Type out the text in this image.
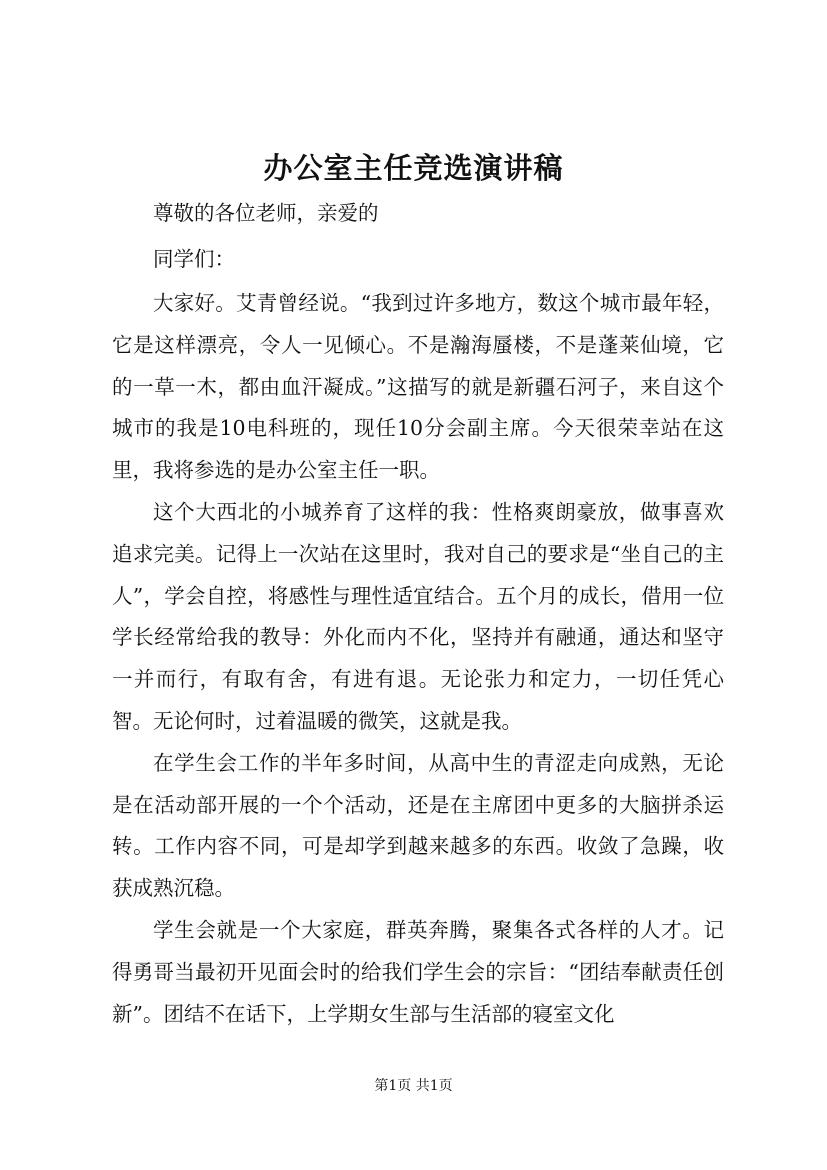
办公室主任竞选演讲稿
尊敬的各位老师，亲爱的
同学们：

大家好。艾青曾经说。“我到过许多地方，数这个城市最年轻，它是这样漂亮，令人一见倾心。不是瀚海蜃楼，不是蓬莱仙境，它的一草一木，都由血汗凝成。”这描写的就是新疆石河子，来自这个城市的我是10电科班的，现任10分会副主席。今天很荣幸站在这里，我将参选的是办公室主任一职。

这个大西北的小城养育了这样的我：性格爽朗豪放，做事喜欢追求完美。记得上一次站在这里时，我对自己的要求是“坐自己的主人”，学会自控，将感性与理性适宜结合。五个月的成长，借用一位学长经常给我的教导：外化而内不化，坚持并有融通，通达和坚守一并而行，有取有舍，有进有退。无论张力和定力，一切任凭心智。无论何时，过着温暖的微笑，这就是我。

在学生会工作的半年多时间，从高中生的青涩走向成熟，无论是在活动部开展的一个个活动，还是在主席团中更多的大脑拼杀运转。工作内容不同，可是却学到越来越多的东西。收敛了急躁，收获成熟沉稳。

学生会就是一个大家庭，群英奔腾，聚集各式各样的人才。记得勇哥当最初开见面会时的给我们学生会的宗旨：“团结奉献责任创新”。团结不在话下，上学期女生部与生活部的寝室文化

第1页 共1页
